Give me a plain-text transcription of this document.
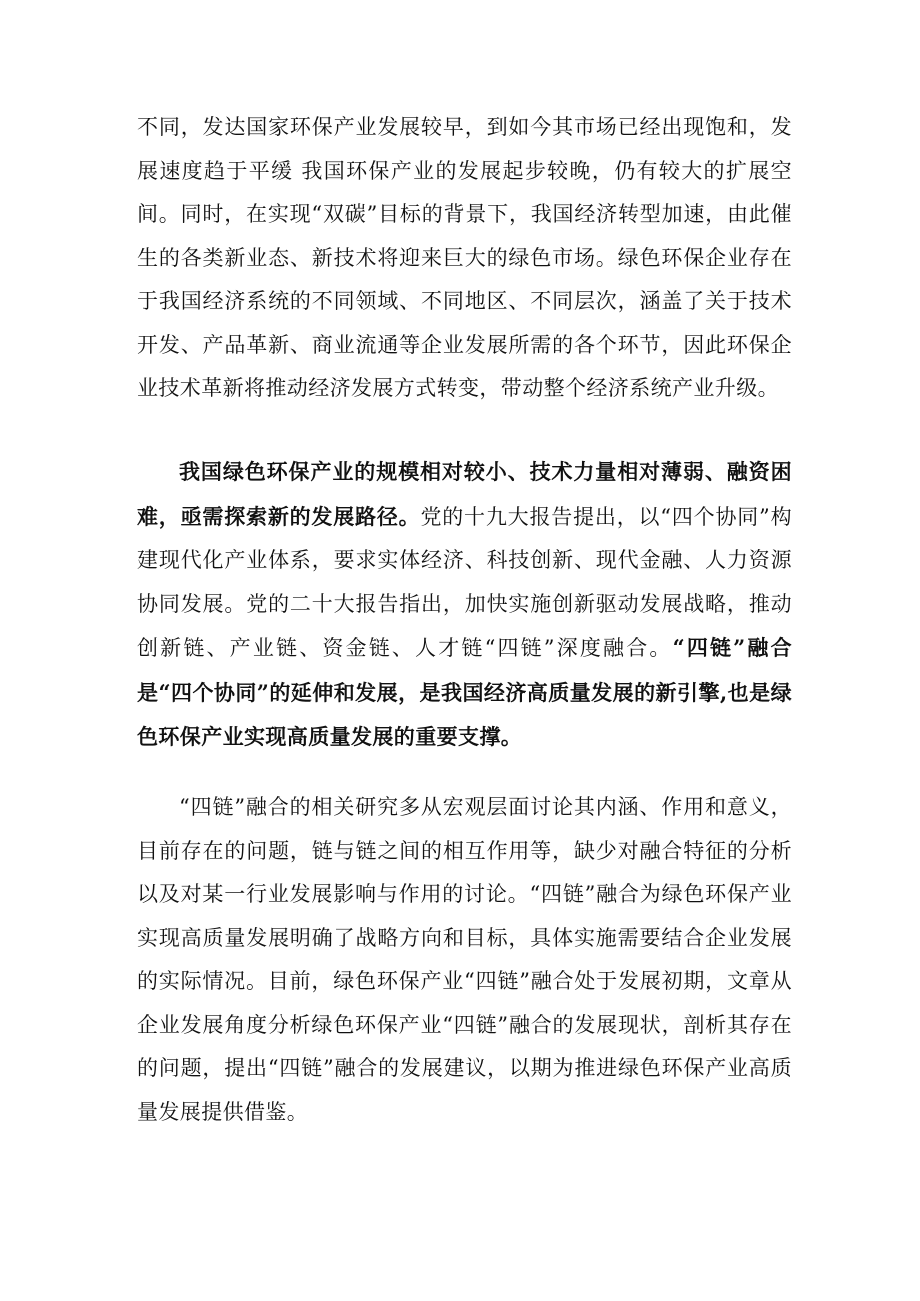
不同，发达国家环保产业发展较早，到如今其市场已经出现饱和，发展速度趋于平缓 我国环保产业的发展起步较晚，仍有较大的扩展空间。同时，在实现“双碳”目标的背景下，我国经济转型加速，由此催生的各类新业态、新技术将迎来巨大的绿色市场。绿色环保企业存在于我国经济系统的不同领域、不同地区、不同层次，涵盖了关于技术开发、产品革新、商业流通等企业发展所需的各个环节，因此环保企业技术革新将推动经济发展方式转变，带动整个经济系统产业升级。

我国绿色环保产业的规模相对较小、技术力量相对薄弱、融资困难，亟需探索新的发展路径。党的十九大报告提出，以“四个协同”构建现代化产业体系，要求实体经济、科技创新、现代金融、人力资源协同发展。党的二十大报告指出，加快实施创新驱动发展战略，推动创新链、产业链、资金链、人才链“四链”深度融合。“四链”融合是“四个协同”的延伸和发展，是我国经济高质量发展的新引擎,也是绿色环保产业实现高质量发展的重要支撑。

“四链”融合的相关研究多从宏观层面讨论其内涵、作用和意义，目前存在的问题，链与链之间的相互作用等，缺少对融合特征的分析以及对某一行业发展影响与作用的讨论。“四链”融合为绿色环保产业实现高质量发展明确了战略方向和目标，具体实施需要结合企业发展的实际情况。目前，绿色环保产业“四链”融合处于发展初期，文章从企业发展角度分析绿色环保产业“四链”融合的发展现状，剖析其存在的问题，提出“四链”融合的发展建议，以期为推进绿色环保产业高质量发展提供借鉴。
